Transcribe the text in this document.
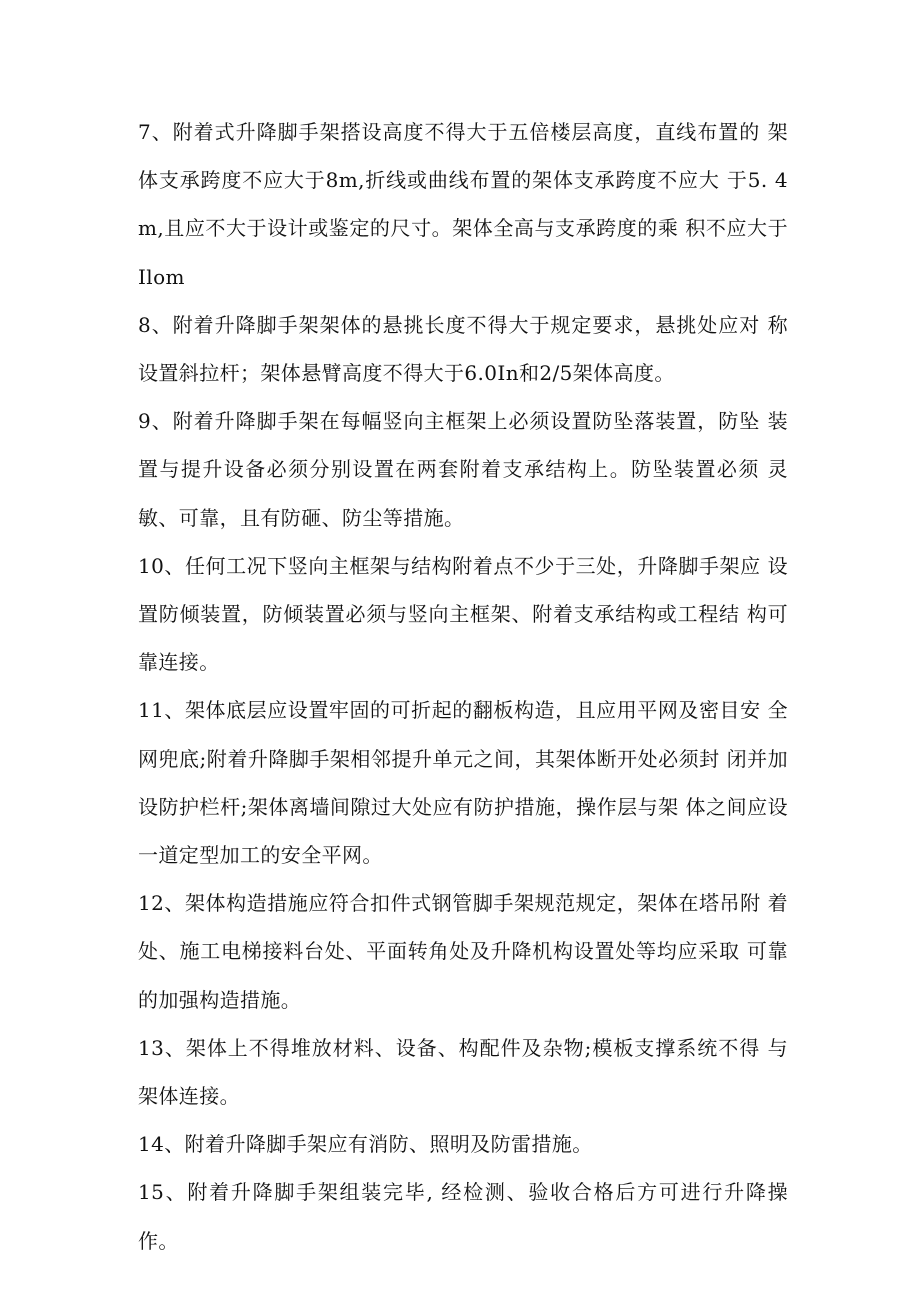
7、附着式升降脚手架搭设高度不得大于五倍楼层高度，直线布置的 架体支承跨度不应大于8m,折线或曲线布置的架体支承跨度不应大 于5. 4m,且应不大于设计或鉴定的尺寸。架体全高与支承跨度的乘 积不应大于Ilom

8、附着升降脚手架架体的悬挑长度不得大于规定要求，悬挑处应对 称设置斜拉杆；架体悬臂高度不得大于6.0In和2/5架体高度。

9、附着升降脚手架在每幅竖向主框架上必须设置防坠落装置，防坠 装置与提升设备必须分别设置在两套附着支承结构上。防坠装置必须 灵敏、可靠，且有防砸、防尘等措施。

10、任何工况下竖向主框架与结构附着点不少于三处，升降脚手架应 设置防倾装置，防倾装置必须与竖向主框架、附着支承结构或工程结 构可靠连接。

11、架体底层应设置牢固的可折起的翻板构造，且应用平网及密目安 全网兜底;附着升降脚手架相邻提升单元之间，其架体断开处必须封 闭并加设防护栏杆;架体离墙间隙过大处应有防护措施，操作层与架 体之间应设一道定型加工的安全平网。

12、架体构造措施应符合扣件式钢管脚手架规范规定，架体在塔吊附 着处、施工电梯接料台处、平面转角处及升降机构设置处等均应采取 可靠的加强构造措施。

13、架体上不得堆放材料、设备、构配件及杂物;模板支撑系统不得 与架体连接。

14、附着升降脚手架应有消防、照明及防雷措施。

15、附着升降脚手架组装完毕, 经检测、验收合格后方可进行升降操 作。
